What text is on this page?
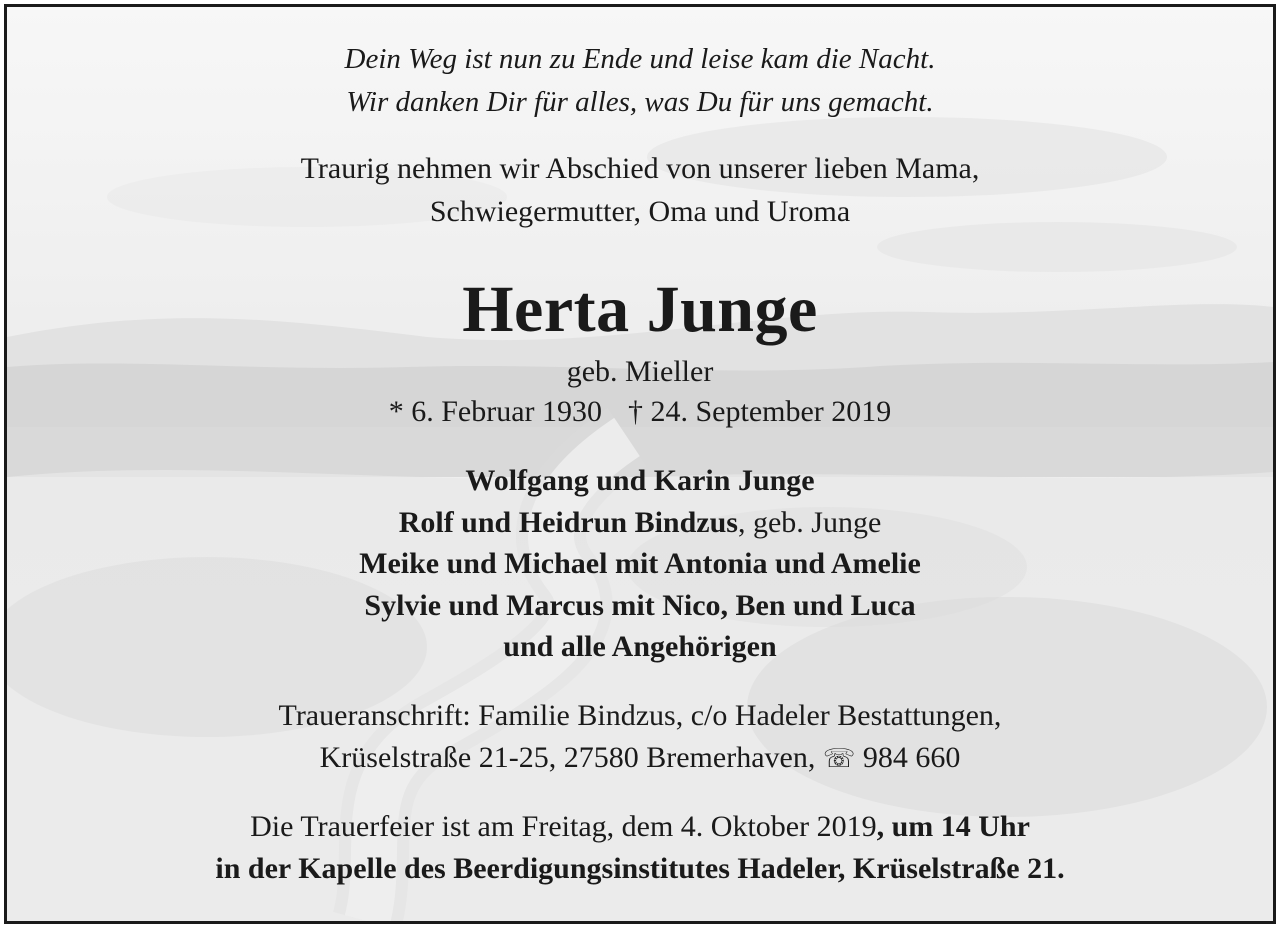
Dein Weg ist nun zu Ende und leise kam die Nacht.
Wir danken Dir für alles, was Du für uns gemacht.
Traurig nehmen wir Abschied von unserer lieben Mama,
Schwiegermutter, Oma und Uroma
Herta Junge
geb. Mieller
* 6. Februar 1930 † 24. September 2019
Wolfgang und Karin Junge
Rolf und Heidrun Bindzus, geb. Junge
Meike und Michael mit Antonia und Amelie
Sylvie und Marcus mit Nico, Ben und Luca
und alle Angehörigen
Traueranschrift: Familie Bindzus, c/o Hadeler Bestattungen,
Krüselstraße 21-25, 27580 Bremerhaven, ☏ 984 660
Die Trauerfeier ist am Freitag, dem 4. Oktober 2019, um 14 Uhr
in der Kapelle des Beerdigungsinstitutes Hadeler, Krüselstraße 21.
